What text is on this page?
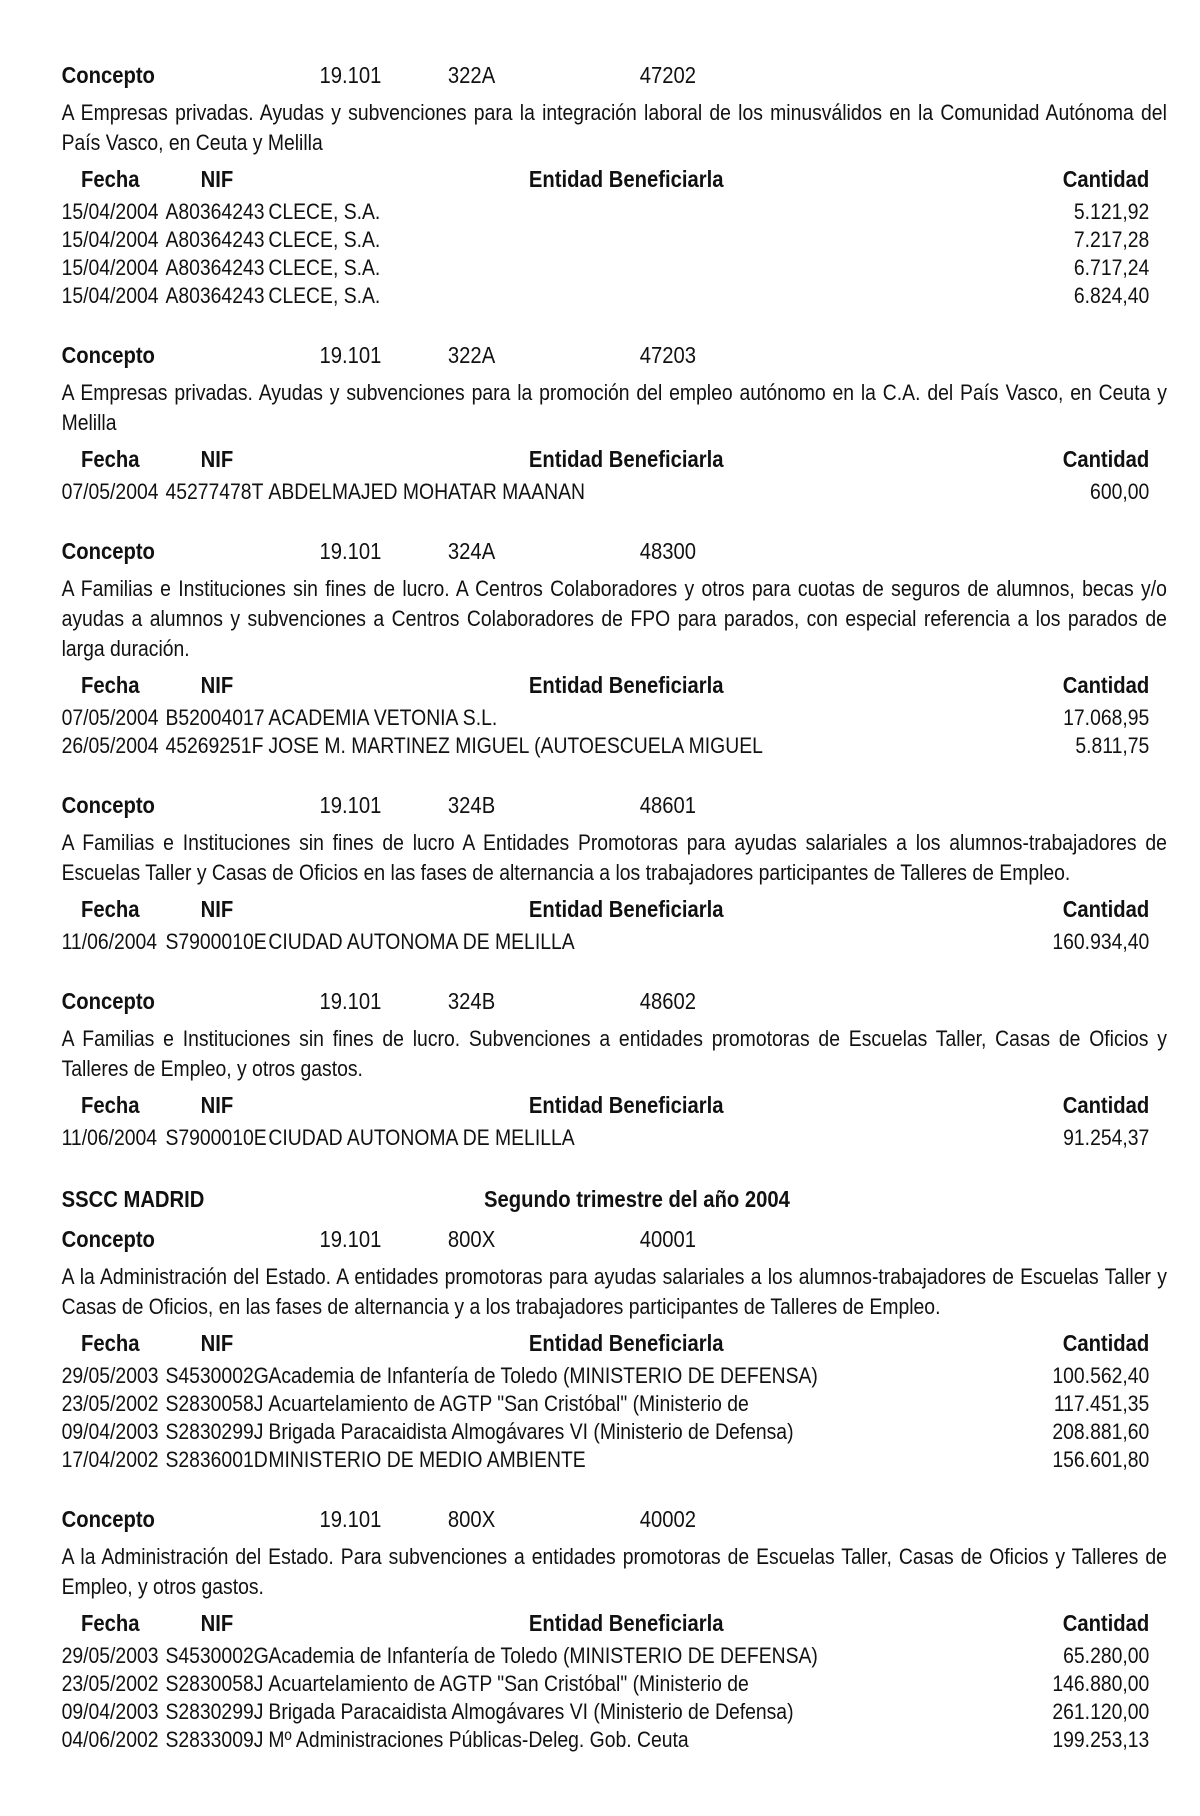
Concepto	19.101	322A	47202
A Empresas privadas. Ayudas y subvenciones para la integración laboral de los minusválidos en la Comunidad Autónoma del País Vasco, en Ceuta y Melilla
Fecha	NIF	Entidad Beneficiarla	Cantidad
15/04/2004 A80364243 CLECE, S.A.	5.121,92
15/04/2004 A80364243 CLECE, S.A.	7.217,28
15/04/2004 A80364243 CLECE, S.A.	6.717,24
15/04/2004 A80364243 CLECE, S.A.	6.824,40
Concepto	19.101	322A	47203
A Empresas privadas. Ayudas y subvenciones para la promoción del empleo autónomo en la C.A. del País Vasco, en Ceuta y Melilla
Fecha	NIF	Entidad Beneficiarla	Cantidad
07/05/2004 45277478T ABDELMAJED MOHATAR MAANAN	600,00
Concepto	19.101	324A	48300
A Familias e Instituciones sin fines de lucro. A Centros Colaboradores y otros para cuotas de seguros de alumnos, becas y/o ayudas a alumnos y subvenciones a Centros Colaboradores de FPO para parados, con especial referencia a los parados de larga duración.
Fecha	NIF	Entidad Beneficiarla	Cantidad
07/05/2004 B52004017 ACADEMIA VETONIA S.L.	17.068,95
26/05/2004 45269251F JOSE M. MARTINEZ MIGUEL (AUTOESCUELA MIGUEL	5.811,75
Concepto	19.101	324B	48601
A Familias e Instituciones sin fines de lucro A Entidades Promotoras para ayudas salariales a los alumnos-trabajadores de Escuelas Taller y Casas de Oficios en las fases de alternancia a los trabajadores participantes de Talleres de Empleo.
Fecha	NIF	Entidad Beneficiarla	Cantidad
11/06/2004 S7900010E CIUDAD AUTONOMA DE MELILLA	160.934,40
Concepto	19.101	324B	48602
A Familias e Instituciones sin fines de lucro. Subvenciones a entidades promotoras de Escuelas Taller, Casas de Oficios y Talleres de Empleo, y otros gastos.
Fecha	NIF	Entidad Beneficiarla	Cantidad
11/06/2004 S7900010E CIUDAD AUTONOMA DE MELILLA	91.254,37
SSCC MADRID	Segundo trimestre del año 2004
Concepto	19.101	800X	40001
A la Administración del Estado. A entidades promotoras para ayudas salariales a los alumnos-trabajadores de Escuelas Taller y Casas de Oficios, en las fases de alternancia y a los trabajadores participantes de Talleres de Empleo.
Fecha	NIF	Entidad Beneficiarla	Cantidad
29/05/2003 S4530002G Academia de Infantería de Toledo (MINISTERIO DE DEFENSA)	100.562,40
23/05/2002 S2830058J Acuartelamiento de AGTP "San Cristóbal" (Ministerio de	117.451,35
09/04/2003 S2830299J Brigada Paracaidista Almogávares VI (Ministerio de Defensa)	208.881,60
17/04/2002 S2836001D MINISTERIO DE MEDIO AMBIENTE	156.601,80
Concepto	19.101	800X	40002
A la Administración del Estado. Para subvenciones a entidades promotoras de Escuelas Taller, Casas de Oficios y Talleres de Empleo, y otros gastos.
Fecha	NIF	Entidad Beneficiarla	Cantidad
29/05/2003 S4530002G Academia de Infantería de Toledo (MINISTERIO DE DEFENSA)	65.280,00
23/05/2002 S2830058J Acuartelamiento de AGTP "San Cristóbal" (Ministerio de	146.880,00
09/04/2003 S2830299J Brigada Paracaidista Almogávares VI (Ministerio de Defensa)	261.120,00
04/06/2002 S2833009J Mº Administraciones Públicas-Deleg. Gob. Ceuta	199.253,13
